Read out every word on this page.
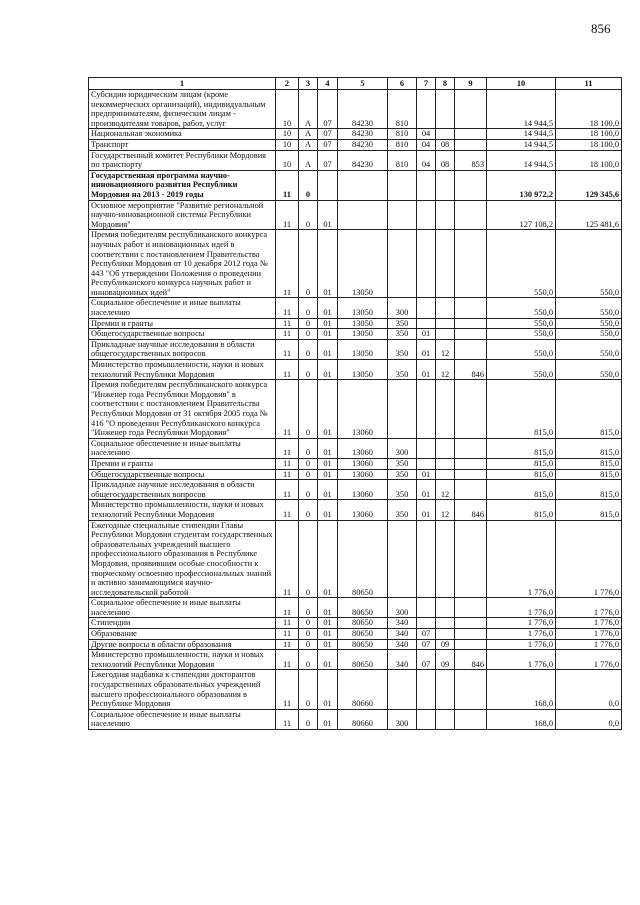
856
1	2	3	4	5	6	7	8	9	10	11
Субсидии юридическим лицам (кроме некоммерческих организаций), индивидуальным предпринимателям, физическим лицам - производителям товаров, работ, услуг	10	А	07	84230	810				14 944,5	18 100,0
Национальная экономика	10	А	07	84230	810	04			14 944,5	18 100,0
Транспорт	10	А	07	84230	810	04	08		14 944,5	18 100,0
Государственный комитет Республики Мордовия по транспорту	10	А	07	84230	810	04	08	853	14 944,5	18 100,0
Государственная программа научно-инновационного развития Республики Мордовия на 2013 - 2019 годы	11	0							130 972,2	129 345,6
Основное мероприятие "Развитие региональной научно-инновационной системы Республики Мордовия"	11	0	01						127 108,2	125 481,6
Премия победителям республиканского конкурса научных работ и инновационных идей в соответствии с постановлением Правительства Республики Мордовия от 10 декабря 2012 года № 443 "Об утверждении Положения о проведении Республиканского конкурса научных работ и инновационных идей"	11	0	01	13050					550,0	550,0
Социальное обеспечение и иные выплаты населению	11	0	01	13050	300				550,0	550,0
Премии и гранты	11	0	01	13050	350				550,0	550,0
Общегосударственные вопросы	11	0	01	13050	350	01			550,0	550,0
Прикладные научные исследования в области общегосударственных вопросов	11	0	01	13050	350	01	12		550,0	550,0
Министерство промышленности, науки и новых технологий Республики Мордовия	11	0	01	13050	350	01	12	846	550,0	550,0
Премия победителям республиканского конкурса "Инженер года Республики Мордовия" в соответствии с постановлением Правительства Республики Мордовия от 31 октября 2005 года № 416 "О проведении Республиканского конкурса "Инженер года Республики Мордовия"	11	0	01	13060					815,0	815,0
Социальное обеспечение и иные выплаты населению	11	0	01	13060	300				815,0	815,0
Премии и гранты	11	0	01	13060	350				815,0	815,0
Общегосударственные вопросы	11	0	01	13060	350	01			815,0	815,0
Прикладные научные исследования в области общегосударственных вопросов	11	0	01	13060	350	01	12		815,0	815,0
Министерство промышленности, науки и новых технологий Республики Мордовия	11	0	01	13060	350	01	12	846	815,0	815,0
Ежегодные специальные стипендии Главы Республики Мордовия студентам государственных образовательных учреждений высшего профессионального образования в Республике Мордовия, проявившим особые способности к творческому освоению профессиональных знаний и активно занимающимся научно-исследовательской работой	11	0	01	80650					1 776,0	1 776,0
Социальное обеспечение и иные выплаты населению	11	0	01	80650	300				1 776,0	1 776,0
Стипендии	11	0	01	80650	340				1 776,0	1 776,0
Образование	11	0	01	80650	340	07			1 776,0	1 776,0
Другие вопросы в области образования	11	0	01	80650	340	07	09		1 776,0	1 776,0
Министерство промышленности, науки и новых технологий Республики Мордовия	11	0	01	80650	340	07	09	846	1 776,0	1 776,0
Ежегодная надбавка к стипендии докторантов государственных образовательных учреждений высшего профессионального образования в Республике Мордовия	11	0	01	80660					168,0	0,0
Социальное обеспечение и иные выплаты населению	11	0	01	80660	300				168,0	0,0
